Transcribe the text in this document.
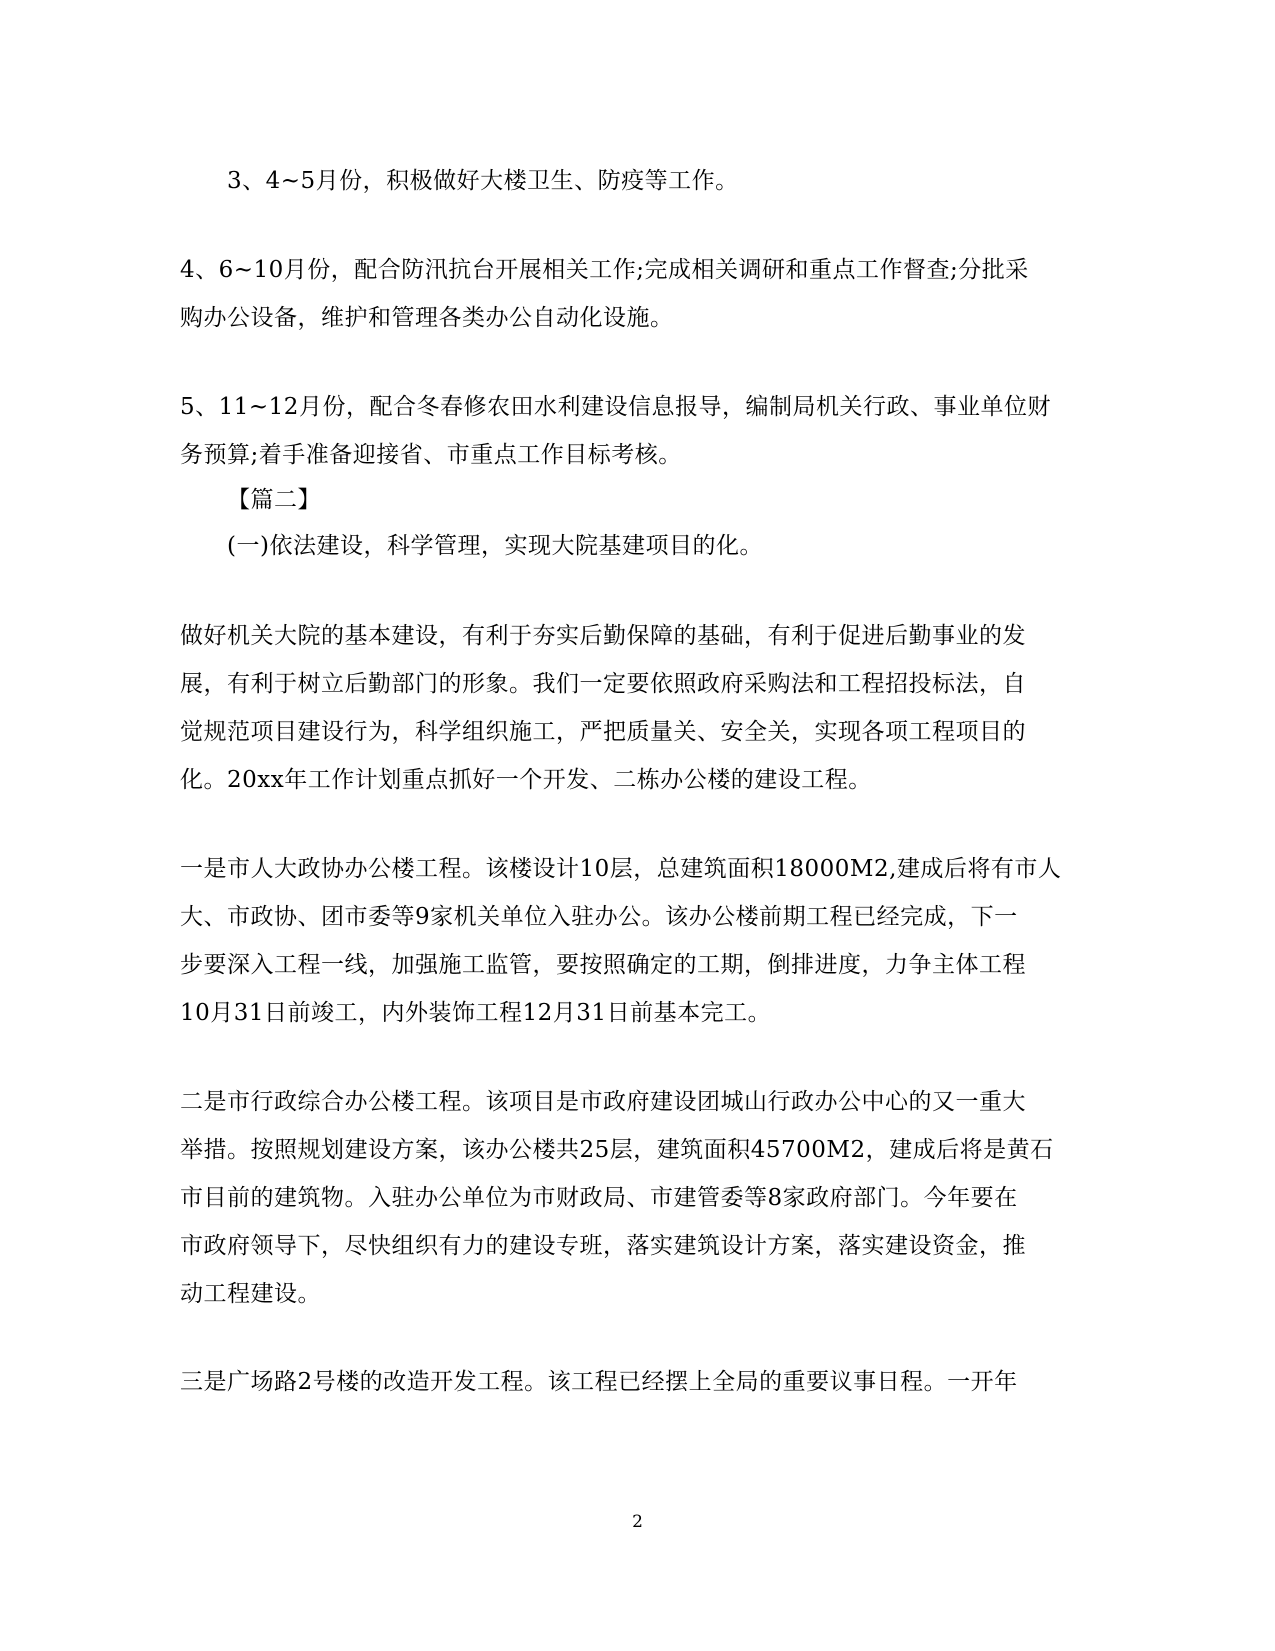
3、4~5月份，积极做好大楼卫生、防疫等工作。

4、6~10月份，配合防汛抗台开展相关工作;完成相关调研和重点工作督查;分批采
购办公设备，维护和管理各类办公自动化设施。

5、11~12月份，配合冬春修农田水利建设信息报导，编制局机关行政、事业单位财
务预算;着手准备迎接省、市重点工作目标考核。

【篇二】

(一)依法建设，科学管理，实现大院基建项目的化。

做好机关大院的基本建设，有利于夯实后勤保障的基础，有利于促进后勤事业的发
展，有利于树立后勤部门的形象。我们一定要依照政府采购法和工程招投标法，自
觉规范项目建设行为，科学组织施工，严把质量关、安全关，实现各项工程项目的
化。20xx年工作计划重点抓好一个开发、二栋办公楼的建设工程。

一是市人大政协办公楼工程。该楼设计10层，总建筑面积18000M2,建成后将有市人
大、市政协、团市委等9家机关单位入驻办公。该办公楼前期工程已经完成，下一
步要深入工程一线，加强施工监管，要按照确定的工期，倒排进度，力争主体工程
10月31日前竣工，内外装饰工程12月31日前基本完工。

二是市行政综合办公楼工程。该项目是市政府建设团城山行政办公中心的又一重大
举措。按照规划建设方案，该办公楼共25层，建筑面积45700M2，建成后将是黄石
市目前的建筑物。入驻办公单位为市财政局、市建管委等8家政府部门。今年要在
市政府领导下，尽快组织有力的建设专班，落实建筑设计方案，落实建设资金，推
动工程建设。

三是广场路2号楼的改造开发工程。该工程已经摆上全局的重要议事日程。一开年

2
